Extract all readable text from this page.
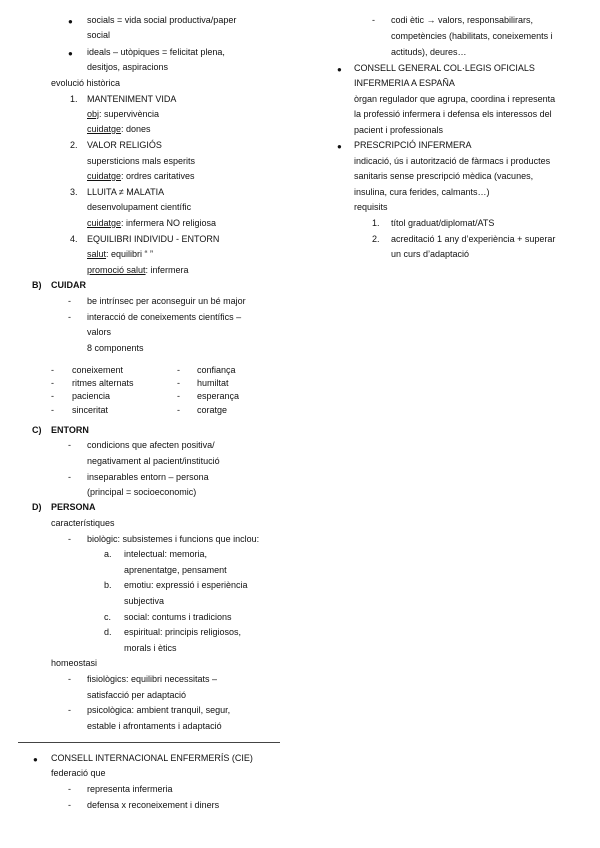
● socials = vida social productiva/paper
social
● ideals – utòpiques = felicitat plena,
desitjos, aspiracions
evolució històrica
1. MANTENIMENT VIDA
obj: supervivència
cuidatge: dones
2. VALOR RELIGIÓS
supersticions mals esperits
cuidatge: ordres caritatives
3. LLUITA ≠ MALATIA
desenvolupament científic
cuidatge: infermera NO religiosa
4. EQUILIBRI INDIVIDU - ENTORN
salut: equilibri “ ”
promoció salut: infermera
B) CUIDAR
- be intrínsec per aconseguir un bé major
- interacció de coneixements científics –
valors
8 components
- coneixement
- ritmes alternats
- paciencia
- sinceritat
- confiança
- humiltat
- esperança
- coratge
C) ENTORN
- condicions que afecten positiva/
negativament al pacient/institució
- inseparables entorn – persona
(principal = socioeconomic)
D) PERSONA
característiques
- biològic: subsistemes i funcions que inclou:
a. intelectual: memoria,
aprenentatge, pensament
b. emotiu: expressió i esperiència
subjectiva
c. social: contums i tradicions
d. espiritual: principis religiosos,
morals i ètics
homeostasi
- fisiològics: equilibri necessitats –
satisfacció per adaptació
- psicològica: ambient tranquil, segur,
estable i afrontaments i adaptació
● CONSELL INTERNACIONAL ENFERMERÍS (CIE)
federació que
- representa infermeria
- defensa x reconeixement i diners
- codi ètic → valors, responsabilirars,
competències (habilitats, coneixements i
actituds), deures…
● CONSELL GENERAL COL·LEGIS OFICIALS
INFERMERIA A ESPAÑA
òrgan regulador que agrupa, coordina i representa
la professió infermera i defensa els interessos del
pacient i professionals
● PRESCRIPCIÓ INFERMERA
indicació, ús i autorització de fàrmacs i productes
sanitaris sense prescripció mèdica (vacunes,
insulina, cura ferides, calmants…)
requisits
1. títol graduat/diplomat/ATS
2. acreditació 1 any d’experiència + superar
un curs d’adaptació
